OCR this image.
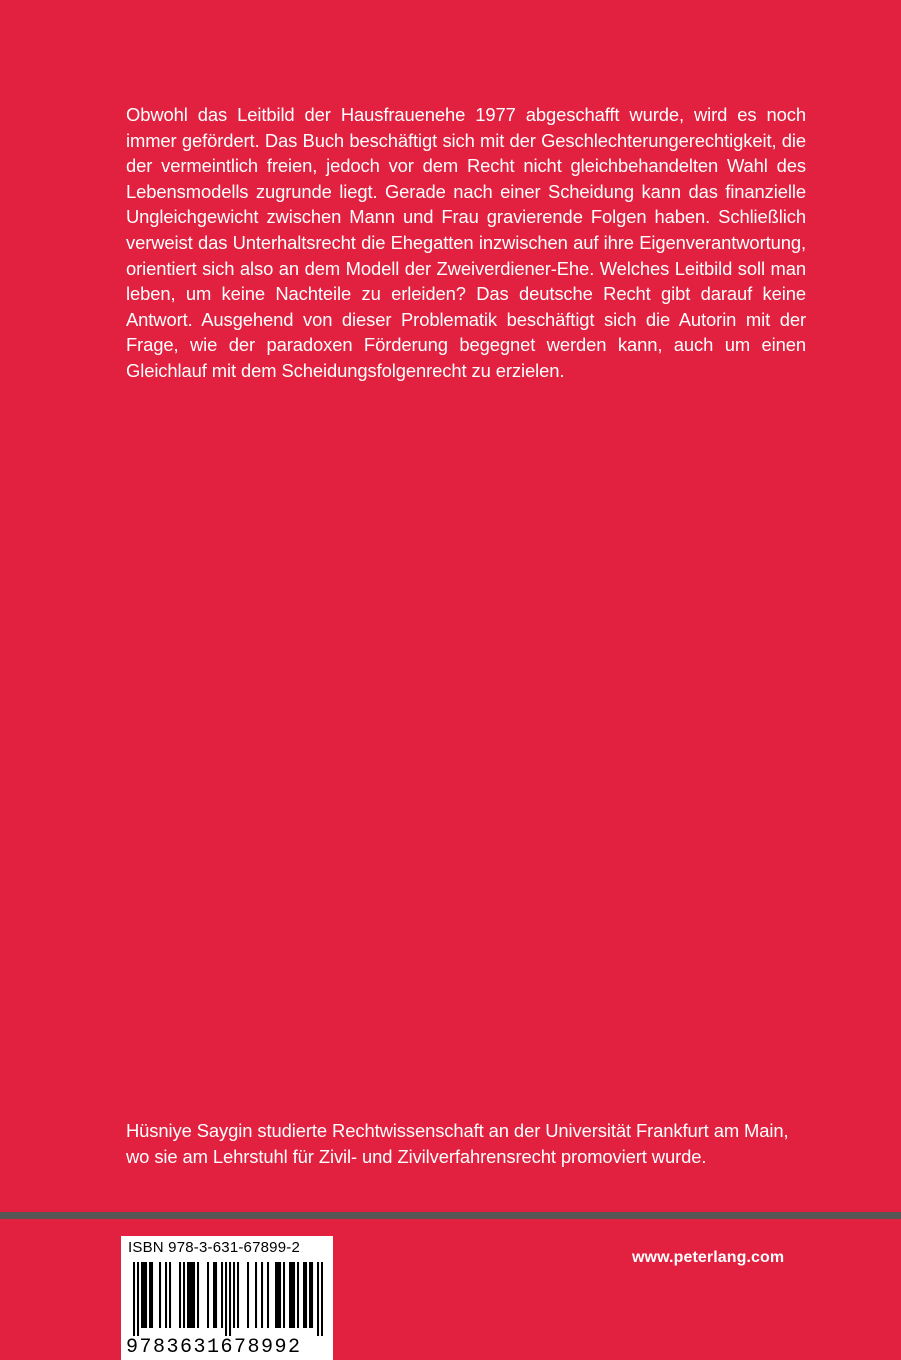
Obwohl das Leitbild der Hausfrauenehe 1977 abgeschafft wurde, wird es noch immer gefördert. Das Buch beschäftigt sich mit der Geschlechterungerechtigkeit, die der vermeintlich freien, jedoch vor dem Recht nicht gleichbehandelten Wahl des Lebensmodells zugrunde liegt. Gerade nach einer Scheidung kann das finanzielle Ungleichgewicht zwischen Mann und Frau gravierende Folgen haben. Schließlich verweist das Unterhaltsrecht die Ehegatten inzwischen auf ihre Eigenverantwortung, orientiert sich also an dem Modell der Zweiverdiener-Ehe. Welches Leitbild soll man leben, um keine Nachteile zu erleiden? Das deutsche Recht gibt darauf keine Antwort. Ausgehend von dieser Problematik beschäftigt sich die Autorin mit der Frage, wie der paradoxen Förderung begegnet werden kann, auch um einen Gleichlauf mit dem Scheidungsfolgenrecht zu erzielen.

Hüsniye Saygin studierte Rechtwissenschaft an der Universität Frankfurt am Main, wo sie am Lehrstuhl für Zivil- und Zivilverfahrensrecht promoviert wurde.

ISBN 978-3-631-67899-2
9783631678992
www.peterlang.com
